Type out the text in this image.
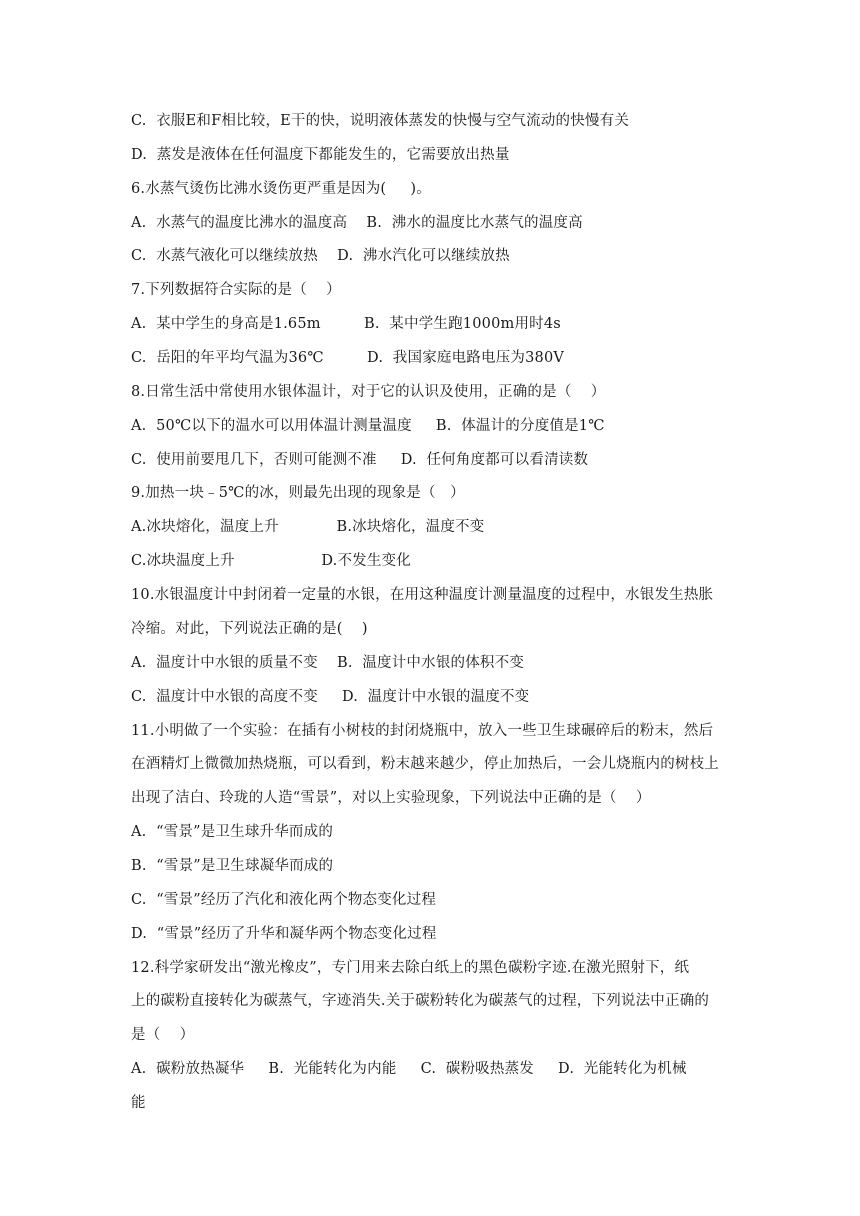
C.  衣服E和F相比较，E干的快，说明液体蒸发的快慢与空气流动的快慢有关
D.  蒸发是液体在任何温度下都能发生的，它需要放出热量
6.水蒸气烫伤比沸水烫伤更严重是因为(     )。
A.  水蒸气的温度比沸水的温度高    B.  沸水的温度比水蒸气的温度高
C.  水蒸气液化可以继续放热    D.  沸水汽化可以继续放热
7.下列数据符合实际的是（    ）
A.  某中学生的身高是1.65m         B.  某中学生跑1000m用时4s
C.  岳阳的年平均气温为36℃         D.  我国家庭电路电压为380V
8.日常生活中常使用水银体温计，对于它的认识及使用，正确的是（    ）
A.  50℃以下的温水可以用体温计测量温度     B.  体温计的分度值是1℃
C.  使用前要甩几下，否则可能测不准     D.  任何角度都可以看清读数
9.加热一块﹣5℃的冰，则最先出现的现象是（   ）
A.冰块熔化，温度上升            B.冰块熔化，温度不变
C.冰块温度上升                  D.不发生变化
10.水银温度计中封闭着一定量的水银，在用这种温度计测量温度的过程中，水银发生热胀
冷缩。对此，下列说法正确的是(    )
A.  温度计中水银的质量不变    B.  温度计中水银的体积不变
C.  温度计中水银的高度不变     D.  温度计中水银的温度不变
11.小明做了一个实验：在插有小树枝的封闭烧瓶中，放入一些卫生球碾碎后的粉末，然后
在酒精灯上微微加热烧瓶，可以看到，粉末越来越少，停止加热后，一会儿烧瓶内的树枝上
出现了洁白、玲珑的人造“雪景”，对以上实验现象，下列说法中正确的是（    ）
A.  “雪景”是卫生球升华而成的
B.  “雪景”是卫生球凝华而成的
C.  “雪景”经历了汽化和液化两个物态变化过程
D.  “雪景”经历了升华和凝华两个物态变化过程
12.科学家研发出“激光橡皮”，专门用来去除白纸上的黑色碳粉字迹.在激光照射下，纸
上的碳粉直接转化为碳蒸气，字迹消失.关于碳粉转化为碳蒸气的过程，下列说法中正确的
是（    ）
A.  碳粉放热凝华     B.  光能转化为内能     C.  碳粉吸热蒸发     D.  光能转化为机械
能
